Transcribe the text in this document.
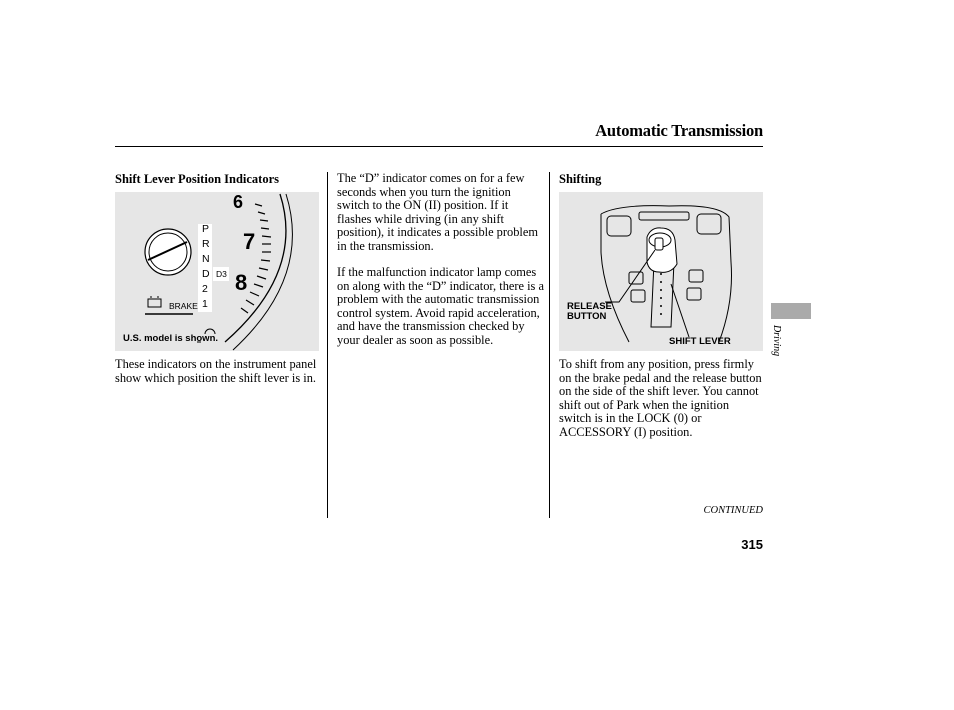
Automatic Transmission
Shift Lever Position Indicators
6
7
8
P
R
N
D
2
1
D3
BRAKE
U.S. model is shown.

These indicators on the instrument panel show which position the shift lever is in.

The “D” indicator comes on for a few seconds when you turn the ignition switch to the ON (II) position. If it flashes while driving (in any shift position), it indicates a possible problem in the transmission.

If the malfunction indicator lamp comes on along with the “D” indicator, there is a problem with the automatic transmission control system. Avoid rapid acceleration, and have the transmission checked by your dealer as soon as possible.

Shifting
RELEASE
BUTTON
SHIFT LEVER

To shift from any position, press firmly on the brake pedal and the release button on the side of the shift lever. You cannot shift out of Park when the ignition switch is in the LOCK (0) or ACCESSORY (I) position.

Driving
CONTINUED
315
